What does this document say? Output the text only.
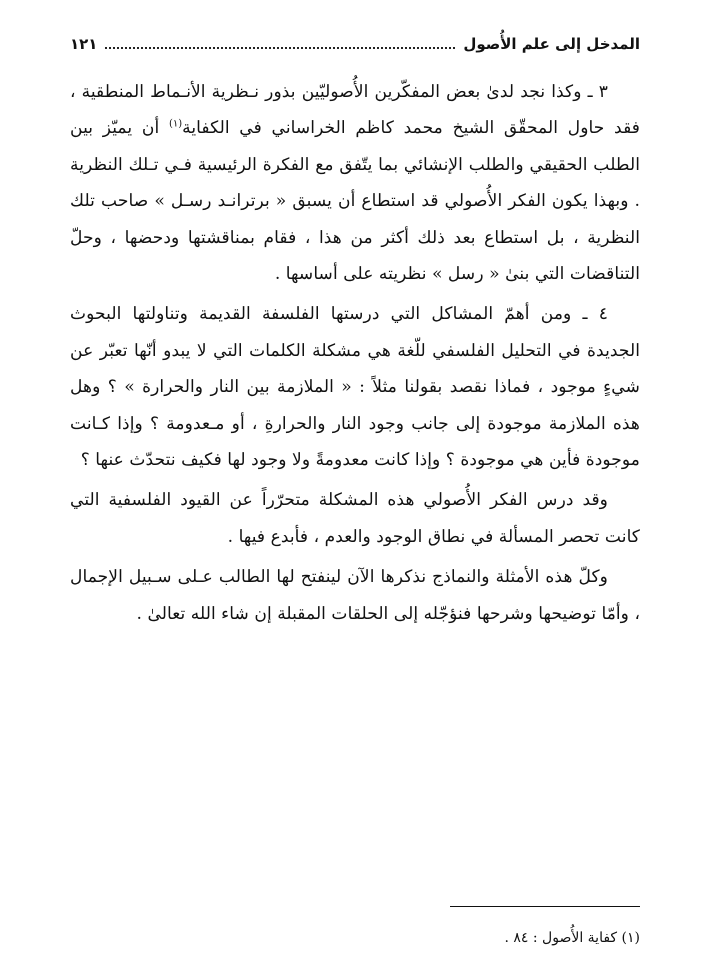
المدخل إلى علم الأُصول
١٢١

٣ ـ وكذا نجد لدىٰ بعض المفكّرين الأُصوليّين بذور نـظرية الأنـماط المنطقية ، فقد حاول المحقّق الشيخ محمد كاظم الخراساني في الكفاية$^{(١)}$ أن يميّز بين الطلب الحقيقي والطلب الإنشائي بما يتّفق مع الفكرة الرئيسية فـي تـلك النظرية . وبهذا يكون الفكر الأُصولي قد استطاع أن يسبق « برترانـد رسـل » صاحب تلك النظرية ، بل استطاع بعد ذلك أكثر من هذا ، فقام بمناقشتها ودحضها ، وحلّ التناقضات التي بنىٰ « رسل » نظريته على أساسها .

٤ ـ ومن أهمّ المشاكل التي درستها الفلسفة القديمة وتناولتها البحوث الجديدة في التحليل الفلسفي للّغة هي مشكلة الكلمات التي لا يبدو أنّها تعبّر عن شيءٍ موجود ، فماذا نقصد بقولنا مثلاً : « الملازمة بين النار والحرارة » ؟ وهل هذه الملازمة موجودة إلى جانب وجود النار والحرارةِ ، أو مـعدومة ؟ وإذا كـانت موجودة فأين هي موجودة ؟ وإذا كانت معدومةً ولا وجود لها فكيف نتحدّث عنها ؟

وقد درس الفكر الأُصولي هذه المشكلة متحرّراً عن القيود الفلسفية التي كانت تحصر المسألة في نطاق الوجود والعدم ، فأبدع فيها .

وكلّ هذه الأمثلة والنماذج نذكرها الآن لينفتح لها الطالب عـلى سـبيل الإجمال ، وأمّا توضيحها وشرحها فنؤجّله إلى الحلقات المقبلة إن شاء الله تعالىٰ .

(١) كفاية الأُصول : ٨٤ .
